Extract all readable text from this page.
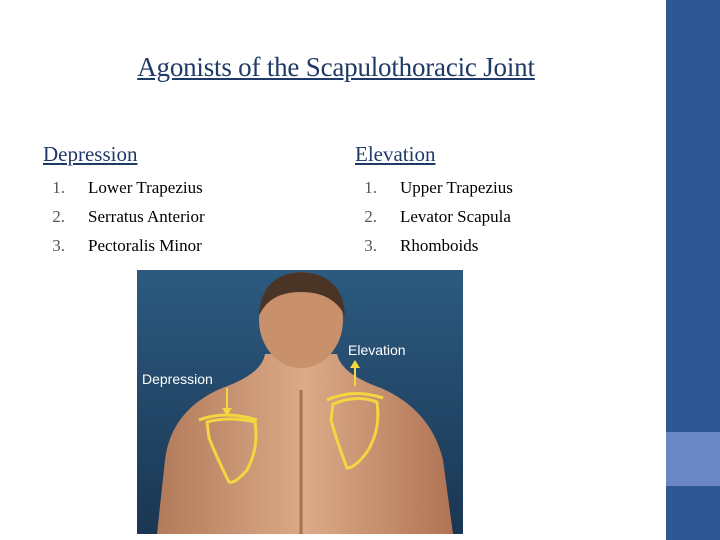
Agonists of the Scapulothoracic Joint
Depression
1. Lower Trapezius
2. Serratus Anterior
3. Pectoralis Minor
Elevation
1. Upper Trapezius
2. Levator Scapula
3. Rhomboids
Depression
Elevation
